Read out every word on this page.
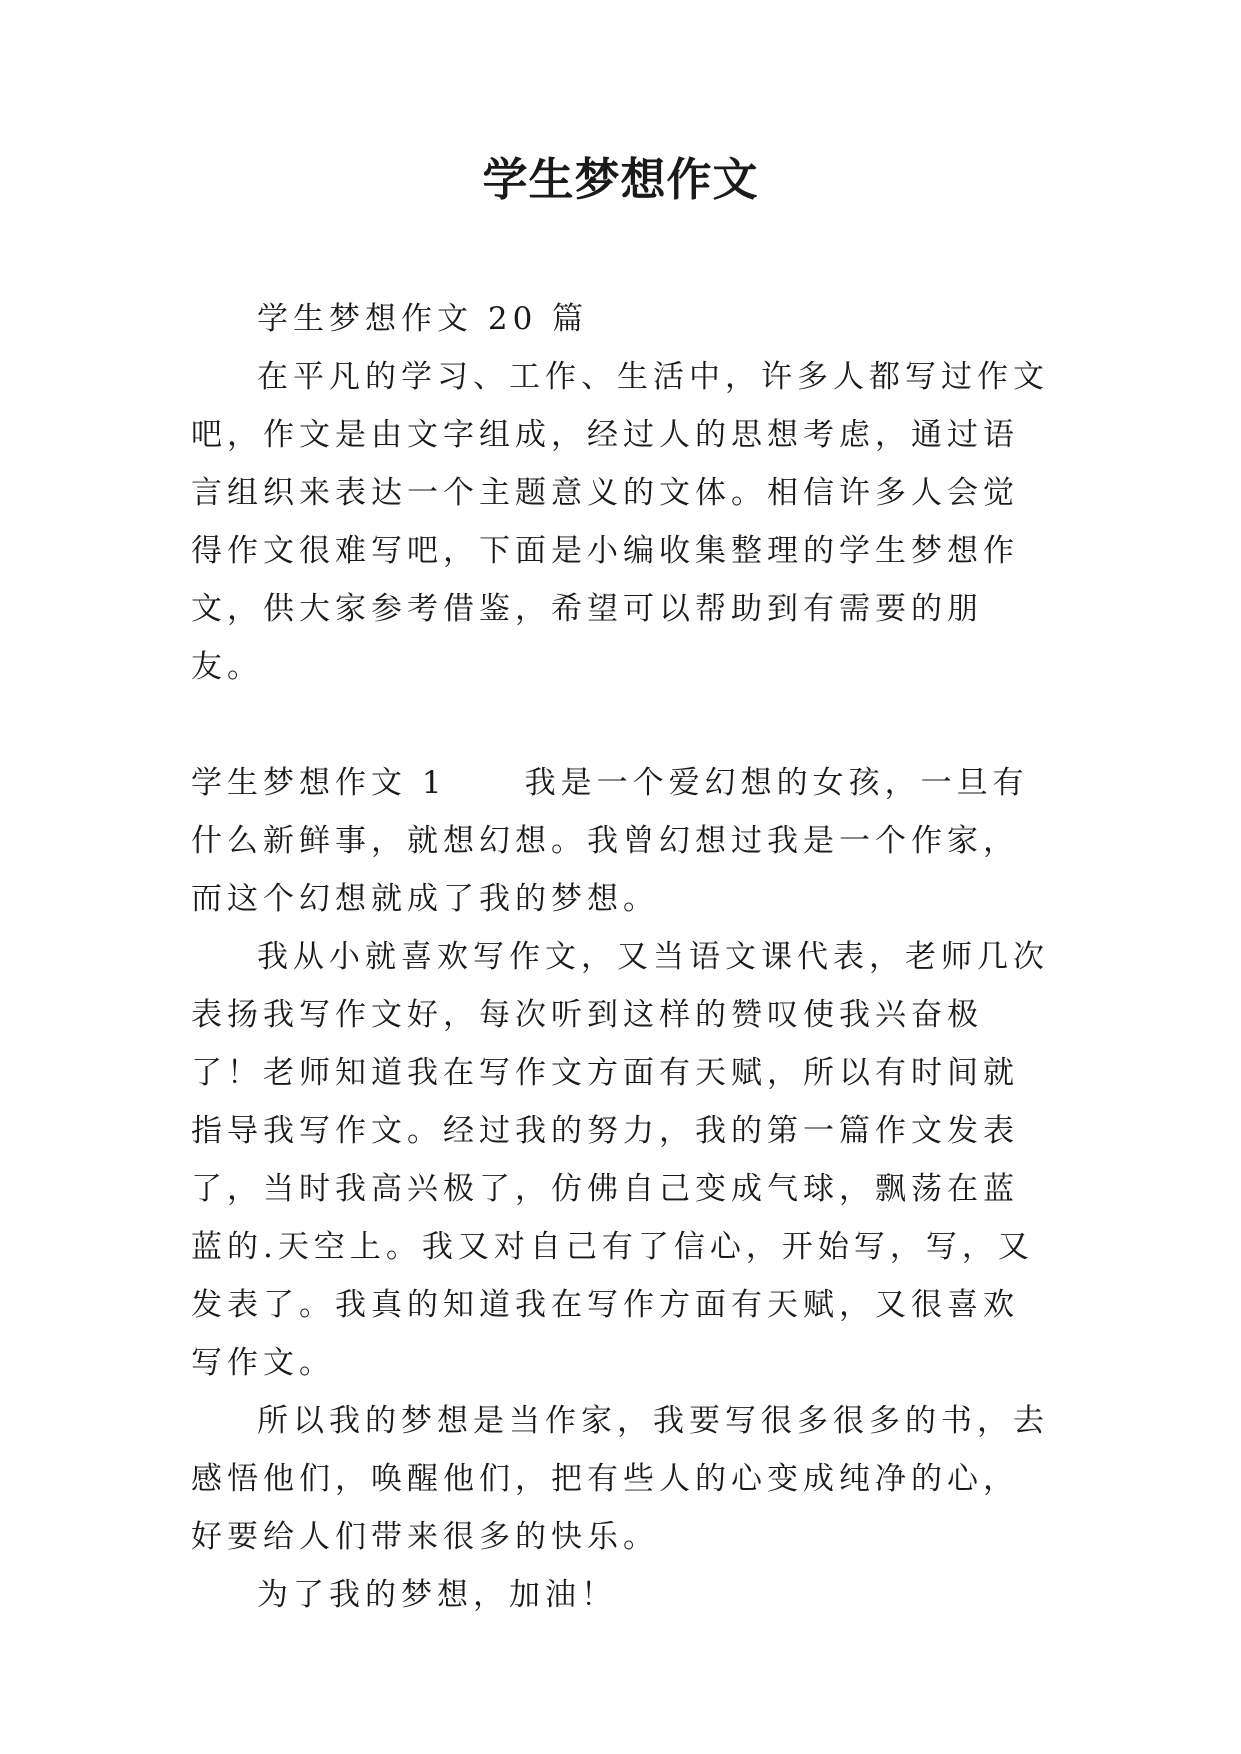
学生梦想作文

学生梦想作文 20 篇

在平凡的学习、工作、生活中，许多人都写过作文吧，作文是由文字组成，经过人的思想考虑，通过语言组织来表达一个主题意义的文体。相信许多人会觉得作文很难写吧，下面是小编收集整理的学生梦想作文，供大家参考借鉴，希望可以帮助到有需要的朋友。

学生梦想作文 1	我是一个爱幻想的女孩，一旦有什么新鲜事，就想幻想。我曾幻想过我是一个作家，而这个幻想就成了我的梦想。

我从小就喜欢写作文，又当语文课代表，老师几次表扬我写作文好，每次听到这样的赞叹使我兴奋极了！老师知道我在写作文方面有天赋，所以有时间就指导我写作文。经过我的努力，我的第一篇作文发表了，当时我高兴极了，仿佛自己变成气球，飘荡在蓝蓝的.天空上。我又对自己有了信心，开始写，写，又发表了。我真的知道我在写作方面有天赋，又很喜欢写作文。

所以我的梦想是当作家，我要写很多很多的书，去感悟他们，唤醒他们，把有些人的心变成纯净的心，好要给人们带来很多的快乐。

为了我的梦想，加油！
